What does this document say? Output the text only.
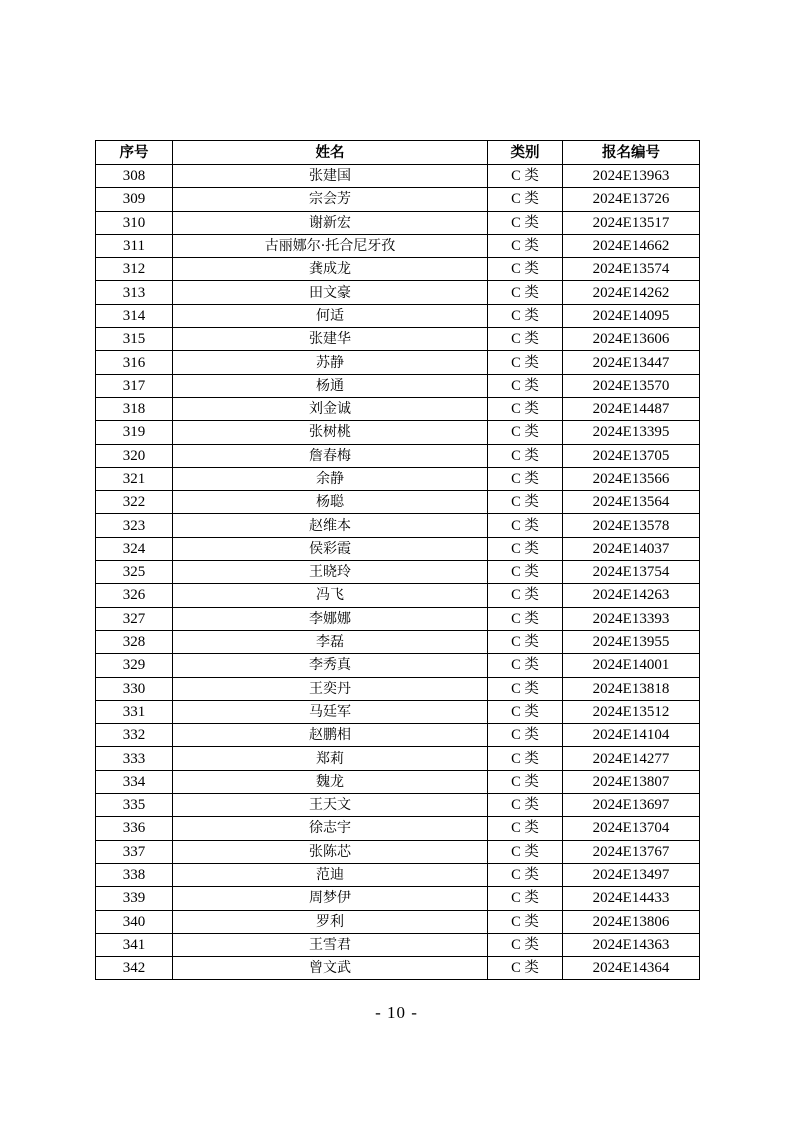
序号	姓名	类别	报名编号
308	张建国	C 类	2024E13963
309	宗会芳	C 类	2024E13726
310	谢新宏	C 类	2024E13517
311	古丽娜尔·托合尼牙孜	C 类	2024E14662
312	龚成龙	C 类	2024E13574
313	田文豪	C 类	2024E14262
314	何适	C 类	2024E14095
315	张建华	C 类	2024E13606
316	苏静	C 类	2024E13447
317	杨通	C 类	2024E13570
318	刘金诚	C 类	2024E14487
319	张树桃	C 类	2024E13395
320	詹春梅	C 类	2024E13705
321	余静	C 类	2024E13566
322	杨聪	C 类	2024E13564
323	赵维本	C 类	2024E13578
324	侯彩霞	C 类	2024E14037
325	王晓玲	C 类	2024E13754
326	冯飞	C 类	2024E14263
327	李娜娜	C 类	2024E13393
328	李磊	C 类	2024E13955
329	李秀真	C 类	2024E14001
330	王奕丹	C 类	2024E13818
331	马廷军	C 类	2024E13512
332	赵鹏相	C 类	2024E14104
333	郑莉	C 类	2024E14277
334	魏龙	C 类	2024E13807
335	王天文	C 类	2024E13697
336	徐志宇	C 类	2024E13704
337	张陈芯	C 类	2024E13767
338	范迪	C 类	2024E13497
339	周梦伊	C 类	2024E14433
340	罗利	C 类	2024E13806
341	王雪君	C 类	2024E14363
342	曾文武	C 类	2024E14364
- 10 -
